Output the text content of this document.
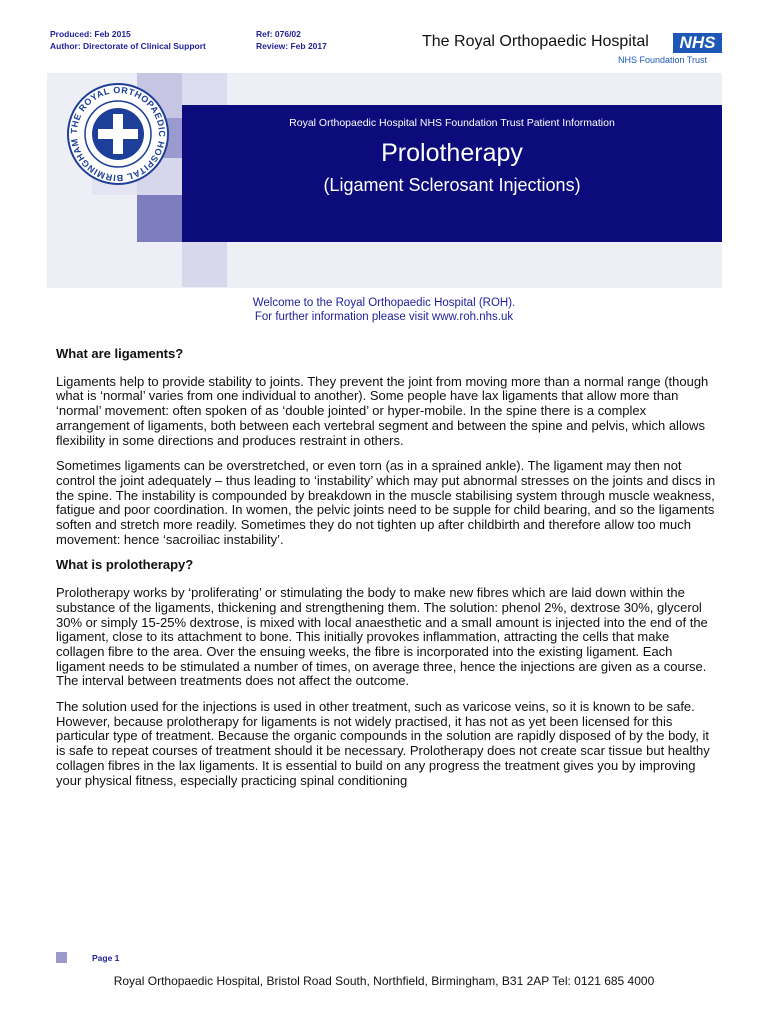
Produced: Feb 2015
Author: Directorate of Clinical Support
Ref: 076/02
Review: Feb 2017	The Royal Orthopaedic Hospital	NHS
NHS Foundation Trust
THE ROYAL ORTHOPAEDIC HOSPITAL BIRMINGHAM
Royal Orthopaedic Hospital NHS Foundation Trust Patient Information
Prolotherapy
(Ligament Sclerosant Injections)
Welcome to the Royal Orthopaedic Hospital (ROH).
For further information please visit www.roh.nhs.uk
What are ligaments?

Ligaments help to provide stability to joints. They prevent the joint from moving more than a normal range (though what is ‘normal’ varies from one individual to another). Some people have lax ligaments that allow more than ‘normal’ movement: often spoken of as ‘double jointed’ or hyper-mobile. In the spine there is a complex arrangement of ligaments, both between each vertebral segment and between the spine and pelvis, which allows flexibility in some directions and produces restraint in others.

Sometimes ligaments can be overstretched, or even torn (as in a sprained ankle). The ligament may then not control the joint adequately – thus leading to ‘instability’ which may put abnormal stresses on the joints and discs in the spine. The instability is compounded by breakdown in the muscle stabilising system through muscle weakness, fatigue and poor coordination. In women, the pelvic joints need to be supple for child bearing, and so the ligaments soften and stretch more readily. Sometimes they do not tighten up after childbirth and therefore allow too much movement: hence ‘sacroiliac instability’.

What is prolotherapy?

Prolotherapy works by ‘proliferating’ or stimulating the body to make new fibres which are laid down within the substance of the ligaments, thickening and strengthening them. The solution: phenol 2%, dextrose 30%, glycerol 30% or simply 15-25% dextrose, is mixed with local anaesthetic and a small amount is injected into the end of the ligament, close to its attachment to bone. This initially provokes inflammation, attracting the cells that make collagen fibre to the area. Over the ensuing weeks, the fibre is incorporated into the existing ligament. Each ligament needs to be stimulated a number of times, on average three, hence the injections are given as a course. The interval between treatments does not affect the outcome.

The solution used for the injections is used in other treatment, such as varicose veins, so it is known to be safe. However, because prolotherapy for ligaments is not widely practised, it has not as yet been licensed for this particular type of treatment. Because the organic compounds in the solution are rapidly disposed of by the body, it is safe to repeat courses of treatment should it be necessary. Prolotherapy does not create scar tissue but healthy collagen fibres in the lax ligaments. It is essential to build on any progress the treatment gives you by improving your physical fitness, especially practicing spinal conditioning

Page 1
Royal Orthopaedic Hospital, Bristol Road South, Northfield, Birmingham, B31 2AP Tel: 0121 685 4000
